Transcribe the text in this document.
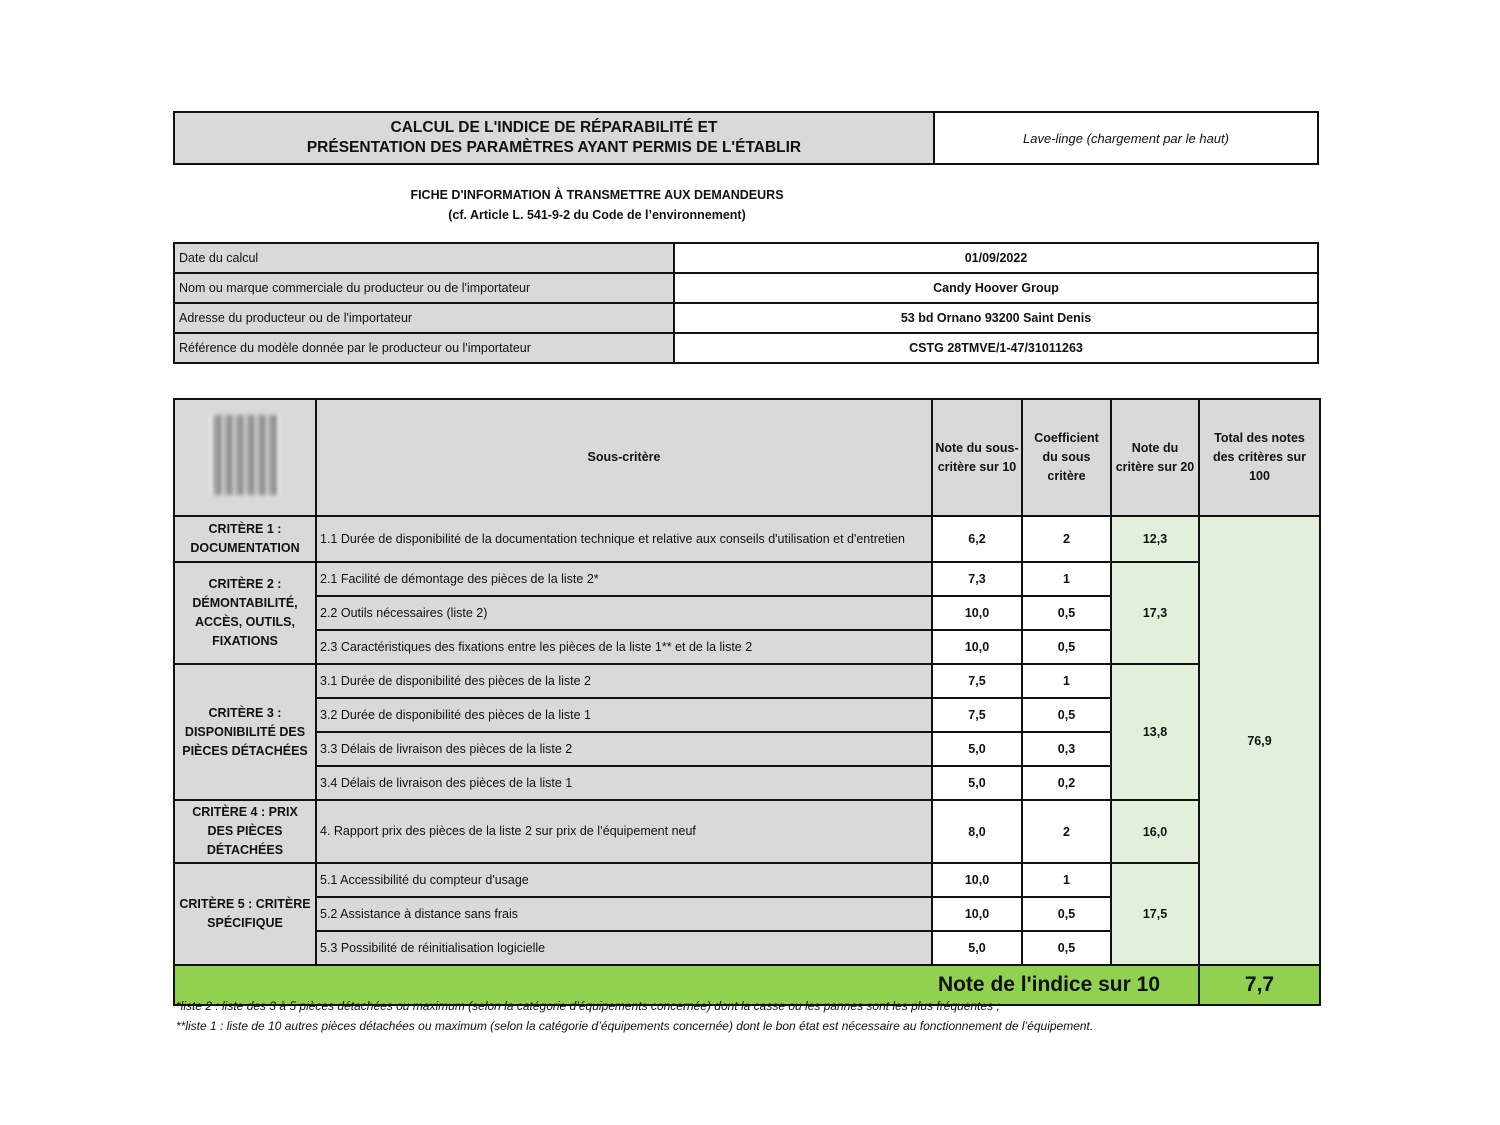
CALCUL DE L'INDICE DE RÉPARABILITÉ ET
PRÉSENTATION DES PARAMÈTRES AYANT PERMIS DE L'ÉTABLIR
Lave-linge (chargement par le haut)
FICHE D'INFORMATION À TRANSMETTRE AUX DEMANDEURS
(cf. Article L. 541-9-2 du Code de l’environnement)
Date du calcul	01/09/2022
Nom ou marque commerciale du producteur ou de l'importateur	Candy Hoover Group
Adresse du producteur ou de l'importateur	53 bd Ornano 93200 Saint Denis
Référence du modèle donnée par le producteur ou l'importateur	CSTG 28TMVE/1-47/31011263
	Sous-critère	Note du sous-critère sur 10	Coefficient du sous critère	Note du critère sur 20	Total des notes des critères sur 100
CRITÈRE 1 : DOCUMENTATION	1.1 Durée de disponibilité de la documentation technique et relative aux conseils d'utilisation et d'entretien	6,2	2	12,3	76,9
CRITÈRE 2 : DÉMONTABILITÉ, ACCÈS, OUTILS, FIXATIONS	2.1 Facilité de démontage des pièces de la liste 2*	7,3	1	17,3	
	2.2 Outils nécessaires (liste 2)	10,0	0,5		
	2.3 Caractéristiques des fixations entre les pièces de la liste 1** et de la liste 2	10,0	0,5		
CRITÈRE 3 : DISPONIBILITÉ DES PIÈCES DÉTACHÉES	3.1 Durée de disponibilité des pièces de la liste 2	7,5	1	13,8	
	3.2 Durée de disponibilité des pièces de la liste 1	7,5	0,5		
	3.3 Délais de livraison des pièces de la liste 2	5,0	0,3		
	3.4 Délais de livraison des pièces de la liste 1	5,0	0,2		
CRITÈRE 4 : PRIX DES PIÈCES DÉTACHÉES	4. Rapport prix des pièces de la liste 2 sur prix de l’équipement neuf	8,0	2	16,0	
CRITÈRE 5 : CRITÈRE SPÉCIFIQUE	5.1 Accessibilité du compteur d'usage	10,0	1	17,5	
	5.2 Assistance à distance sans frais	10,0	0,5		
	5.3 Possibilité de réinitialisation logicielle	5,0	0,5		
Note de l'indice sur 10					7,7
*liste 2 : liste des 3 à 5 pièces détachées ou maximum (selon la catégorie d’équipements concernée) dont la casse ou les pannes sont les plus fréquentes ;
**liste 1 : liste de 10 autres pièces détachées ou maximum (selon la catégorie d’équipements concernée) dont le bon état est nécessaire au fonctionnement de l’équipement.
